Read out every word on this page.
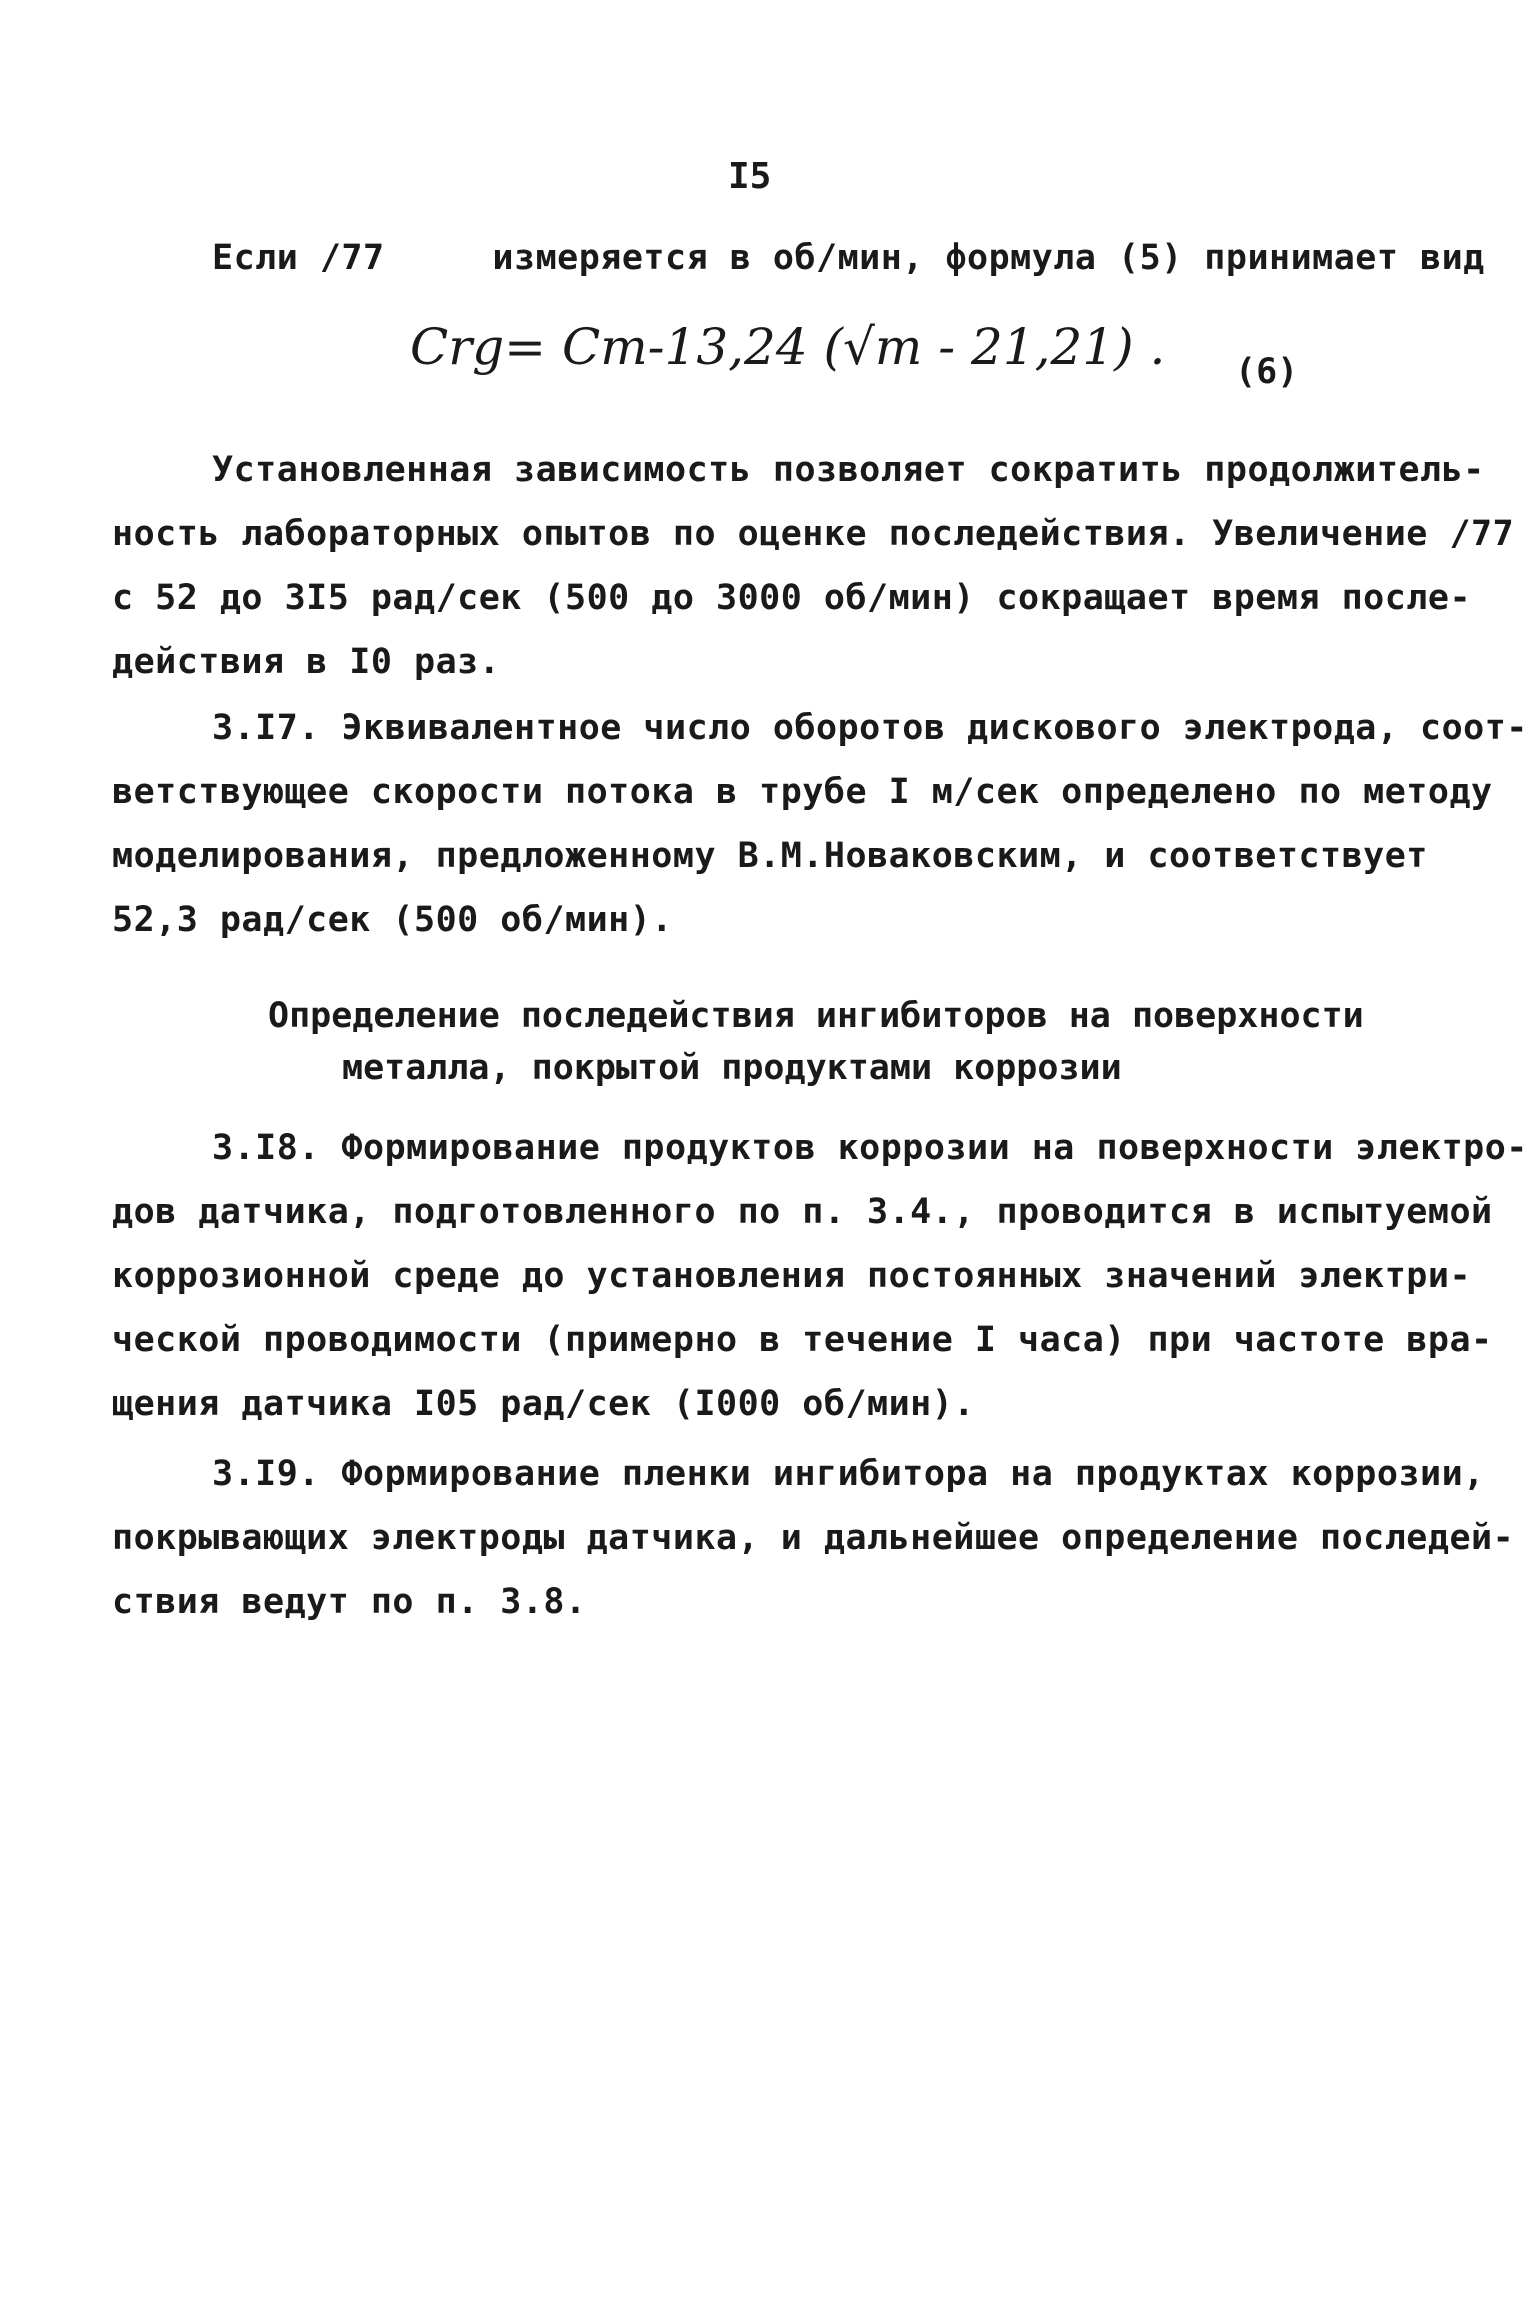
I5
Если /77     измеряется в об/мин, формула (5) принимает вид
Crg= Cm-13,24 (√m - 21,21) . (6)
Установленная зависимость позволяет сократить продолжитель-
ность лабораторных опытов по оценке последействия. Увеличение /77
с 52 до 3I5 рад/сек (500 до 3000 об/мин) сокращает время после-
действия в I0 раз.
3.I7. Эквивалентное число оборотов дискового электрода, соот-
ветствующее скорости потока в трубе I м/сек определено по методу
моделирования, предложенному В.М.Новаковским, и соответствует
52,3 рад/сек (500 об/мин).
Определение последействия ингибиторов на поверхности
металла, покрытой продуктами коррозии
3.I8. Формирование продуктов коррозии на поверхности электро-
дов датчика, подготовленного по п. 3.4., проводится в испытуемой
коррозионной среде до установления постоянных значений электри-
ческой проводимости (примерно в течение I часа) при частоте вра-
щения датчика I05 рад/сек (I000 об/мин).
3.I9. Формирование пленки ингибитора на продуктах коррозии,
покрывающих электроды датчика, и дальнейшее определение последей-
ствия ведут по п. 3.8.
